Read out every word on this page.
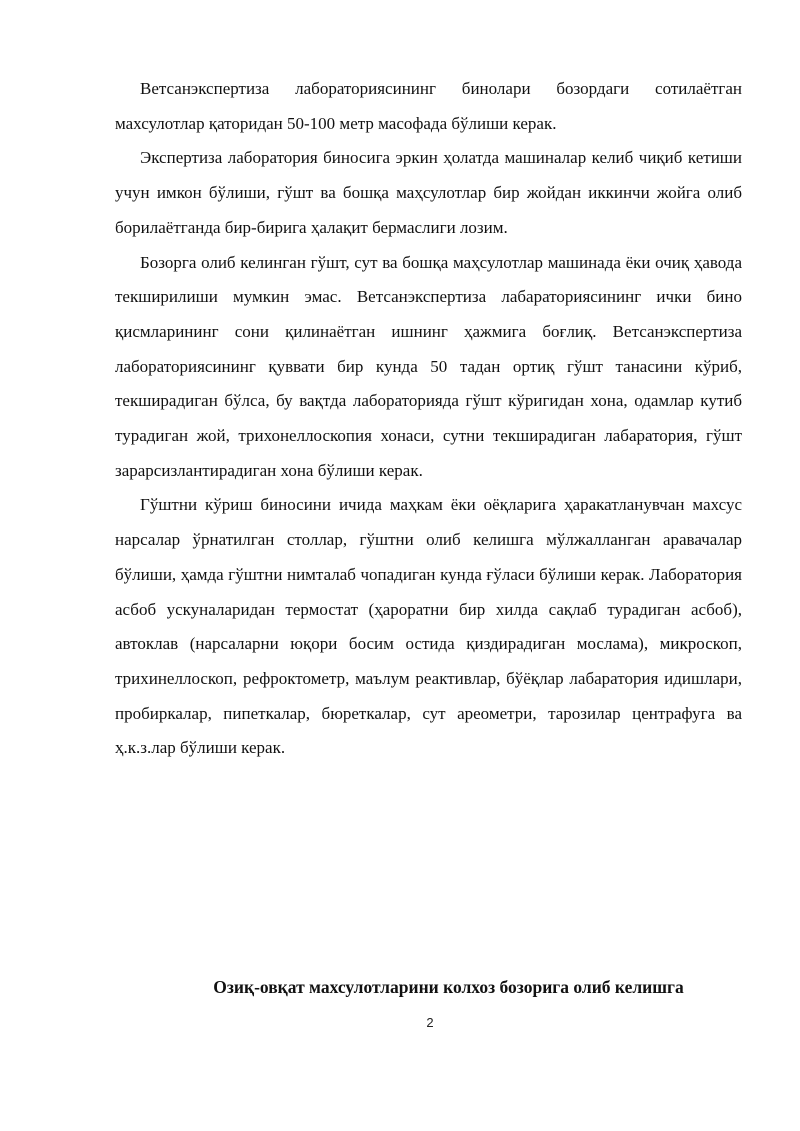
Ветсанэкспертиза лабораториясининг бинолари бозордаги сотилаётган махсулотлар қаторидан 50-100 метр масофада бўлиши керак.

Экспертиза лаборатория биносига эркин ҳолатда машиналар келиб чиқиб кетиши учун имкон бўлиши, гўшт ва бошқа маҳсулотлар бир жойдан иккинчи жойга олиб борилаётганда бир-бирига ҳалақит бермаслиги лозим.

Бозорга олиб келинган гўшт, сут ва бошқа маҳсулотлар машинада ёки очиқ ҳавода текширилиши мумкин эмас. Ветсанэкспертиза лабараториясининг ички бино қисмларининг сони қилинаётган ишнинг ҳажмига боғлиқ. Ветсанэкспертиза лабораториясининг қуввати бир кунда 50 тадан ортиқ гўшт танасини кўриб, текширадиган бўлса, бу вақтда лабораторияда гўшт кўригидан хона, одамлар кутиб турадиган жой, трихонеллоскопия хонаси, сутни текширадиган лабаратория, гўшт зарарсизлантирадиган хона бўлиши керак.

Гўштни кўриш биносини ичида маҳкам ёки оёқларига ҳаракатланувчан махсус нарсалар ўрнатилган столлар, гўштни олиб келишга мўлжалланган аравачалар бўлиши, ҳамда гўштни нимталаб чопадиган кунда ғўласи бўлиши керак. Лаборатория асбоб ускуналаридан термостат (ҳароратни бир хилда сақлаб турадиган асбоб), автоклав (нарсаларни юқори босим остида қиздирадиган мослама), микроскоп, трихинеллоскоп, рефроктометр, маълум реактивлар, бўёқлар лабаратория идишлари, пробиркалар, пипеткалар, бюреткалар, сут ареометри, тарозилар центрафуга ва ҳ.к.з.лар бўлиши керак.

Озиқ-овқат махсулотларини колхоз бозорига олиб келишга
2
